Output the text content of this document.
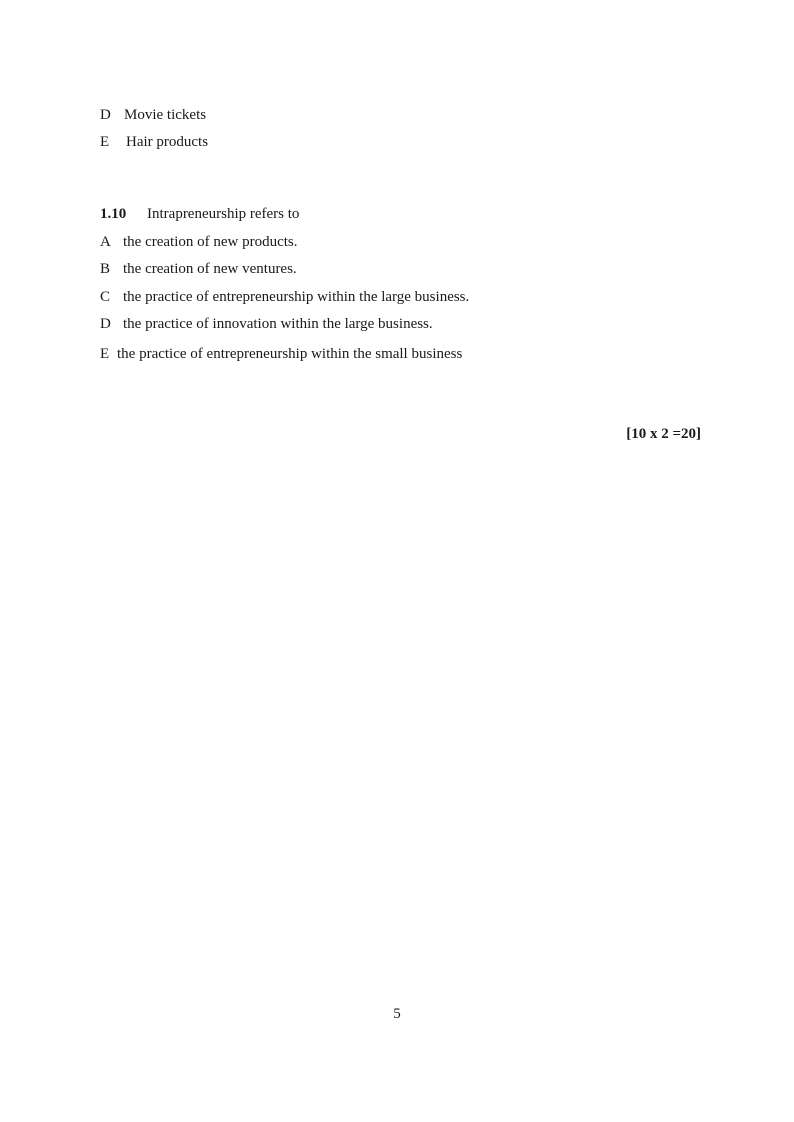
D Movie tickets
E Hair products
1.10 Intrapreneurship refers to
A the creation of new products.
B the creation of new ventures.
C the practice of entrepreneurship within the large business.
D the practice of innovation within the large business.
E the practice of entrepreneurship within the small business
[10 x 2 =20]
5
